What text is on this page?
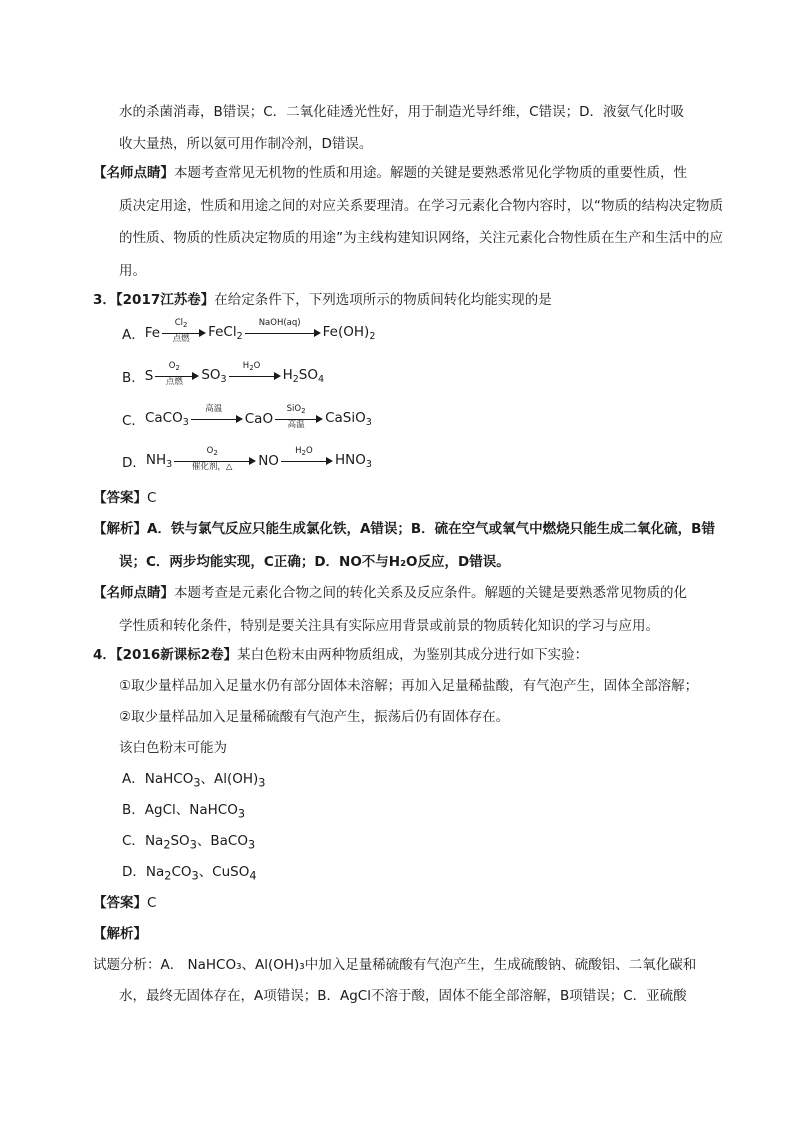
水的杀菌消毒，B错误；C．二氧化硅透光性好，用于制造光导纤维，C错误；D．液氨气化时吸
收大量热，所以氨可用作制冷剂，D错误。
【名师点睛】本题考查常见无机物的性质和用途。解题的关键是要熟悉常见化学物质的重要性质，性
质决定用途，性质和用途之间的对应关系要理清。在学习元素化合物内容时，以“物质的结构决定物质的性质、物质的性质决定物质的用途”为主线构建知识网络，关注元素化合物性质在生产和生活中的应用。
3．【2017江苏卷】在给定条件下，下列选项所示的物质间转化均能实现的是
A． Fe
$Cl_2$
点燃	FeCl$_2$
NaOH(aq)
$Fe(OH)_2$
B． S
$O_2$
点燃	$SO_3$
$H_2O$
$H_2SO_4$
C． CaCO$_3$
高温
CaO
SiO$_2$
高温	CaSiO$_3$
D． $NH_3$
$O_2$
催化剂，△	NO
$H_2O$
$HNO_3$
【答案】C
【解析】A．铁与氯气反应只能生成氯化铁，A错误；B．硫在空气或氧气中燃烧只能生成二氧化硫，B错
误；C．两步均能实现，C正确；D．NO不与H₂O反应，D错误。
【名师点睛】本题考查是元素化合物之间的转化关系及反应条件。解题的关键是要熟悉常见物质的化
学性质和转化条件，特别是要关注具有实际应用背景或前景的物质转化知识的学习与应用。
4．【2016新课标2卷】某白色粉末由两种物质组成，为鉴别其成分进行如下实验：
①取少量样品加入足量水仍有部分固体未溶解；再加入足量稀盐酸，有气泡产生，固体全部溶解；
②取少量样品加入足量稀硫酸有气泡产生，振荡后仍有固体存在。
该白色粉末可能为
A．NaHCO$_3$、$Al(OH)_3$
B．AgCl、NaHCO$_3$
C．$Na_2SO_3$、BaCO$_3$
D．$Na_2CO_3$、CuSO$_4$
【答案】C
【解析】
试题分析：A． NaHCO₃、Al(OH)₃中加入足量稀硫酸有气泡产生，生成硫酸钠、硫酸铝、二氧化碳和
水，最终无固体存在，A项错误；B．AgCl不溶于酸，固体不能全部溶解，B项错误；C．亚硫酸
